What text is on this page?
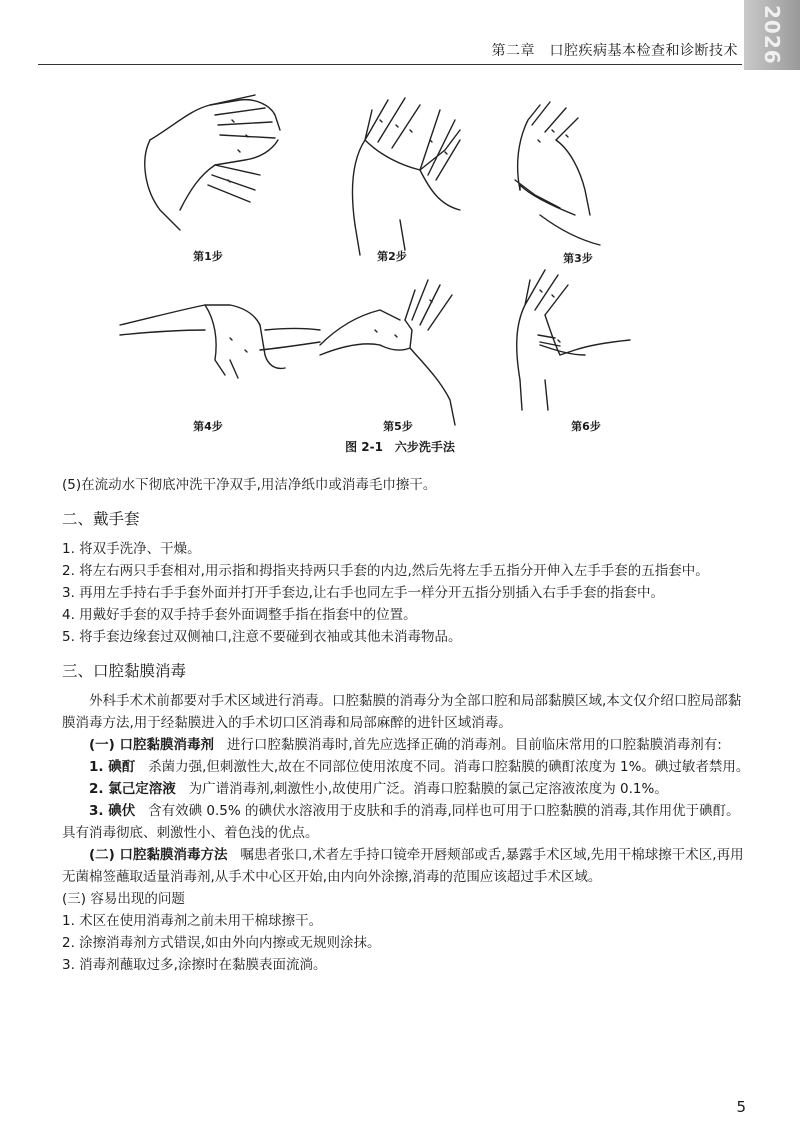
第二章　口腔疾病基本检查和诊断技术	2026
第1步	第2步	第3步
第4步	第5步	第6步
图 2-1　六步洗手法

(5)在流动水下彻底冲洗干净双手,用洁净纸巾或消毒毛巾擦干。

二、戴手套

1. 将双手洗净、干燥。

2. 将左右两只手套相对,用示指和拇指夹持两只手套的内边,然后先将左手五指分开伸入左手手套的五指套中。

3. 再用左手持右手手套外面并打开手套边,让右手也同左手一样分开五指分别插入右手手套的指套中。

4. 用戴好手套的双手持手套外面调整手指在指套中的位置。

5. 将手套边缘套过双侧袖口,注意不要碰到衣袖或其他未消毒物品。

三、口腔黏膜消毒

外科手术术前都要对手术区域进行消毒。口腔黏膜的消毒分为全部口腔和局部黏膜区域,本文仅介绍口腔局部黏膜消毒方法,用于经黏膜进入的手术切口区消毒和局部麻醉的进针区域消毒。

(一) 口腔黏膜消毒剂 进行口腔黏膜消毒时,首先应选择正确的消毒剂。目前临床常用的口腔黏膜消毒剂有:

1. 碘酊 杀菌力强,但刺激性大,故在不同部位使用浓度不同。消毒口腔黏膜的碘酊浓度为 1%。碘过敏者禁用。

2. 氯己定溶液 为广谱消毒剂,刺激性小,故使用广泛。消毒口腔黏膜的氯己定溶液浓度为 0.1%。

3. 碘伏 含有效碘 0.5% 的碘伏水溶液用于皮肤和手的消毒,同样也可用于口腔黏膜的消毒,其作用优于碘酊。具有消毒彻底、刺激性小、着色浅的优点。

(二) 口腔黏膜消毒方法 嘱患者张口,术者左手持口镜牵开唇颊部或舌,暴露手术区域,先用干棉球擦干术区,再用无菌棉签蘸取适量消毒剂,从手术中心区开始,由内向外涂擦,消毒的范围应该超过手术区域。

(三) 容易出现的问题

1. 术区在使用消毒剂之前未用干棉球擦干。

2. 涂擦消毒剂方式错误,如由外向内擦或无规则涂抹。

3. 消毒剂蘸取过多,涂擦时在黏膜表面流淌。

5
